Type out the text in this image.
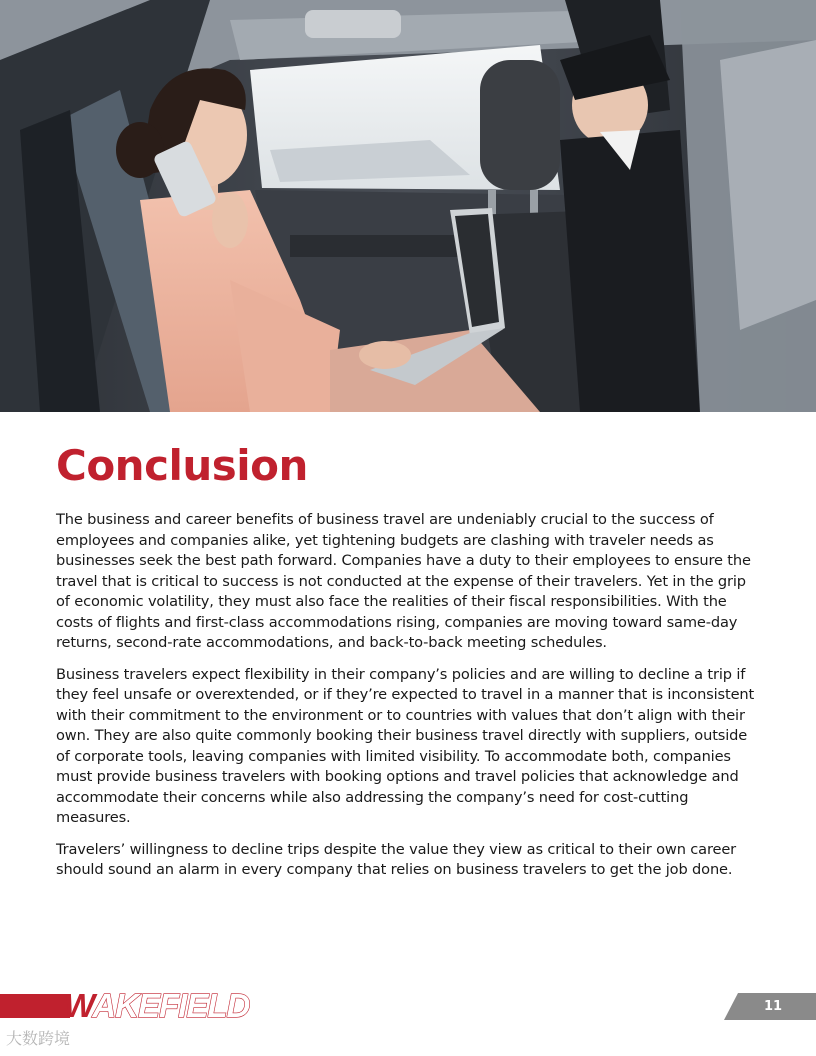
Conclusion

The business and career benefits of business travel are undeniably crucial to the success of employees and companies alike, yet tightening budgets are clashing with traveler needs as businesses seek the best path forward. Companies have a duty to their employees to ensure the travel that is critical to success is not conducted at the expense of their travelers. Yet in the grip of economic volatility, they must also face the realities of their fiscal responsibilities. With the costs of flights and first-class accommodations rising, companies are moving toward same-day returns, second-rate accommodations, and back-to-back meeting schedules.

Business travelers expect flexibility in their company’s policies and are willing to decline a trip if they feel unsafe or overextended, or if they’re expected to travel in a manner that is inconsistent with their commitment to the environment or to countries with values that don’t align with their own. They are also quite commonly booking their business travel directly with suppliers, outside of corporate tools, leaving companies with limited visibility. To accommodate both, companies must provide business travelers with booking options and travel policies that acknowledge and accommodate their concerns while also addressing the company’s need for cost-cutting measures.

Travelers’ willingness to decline trips despite the value they view as critical to their own career should sound an alarm in every company that relies on business travelers to get the job done.

WAKEFIELD	11
大数跨境
